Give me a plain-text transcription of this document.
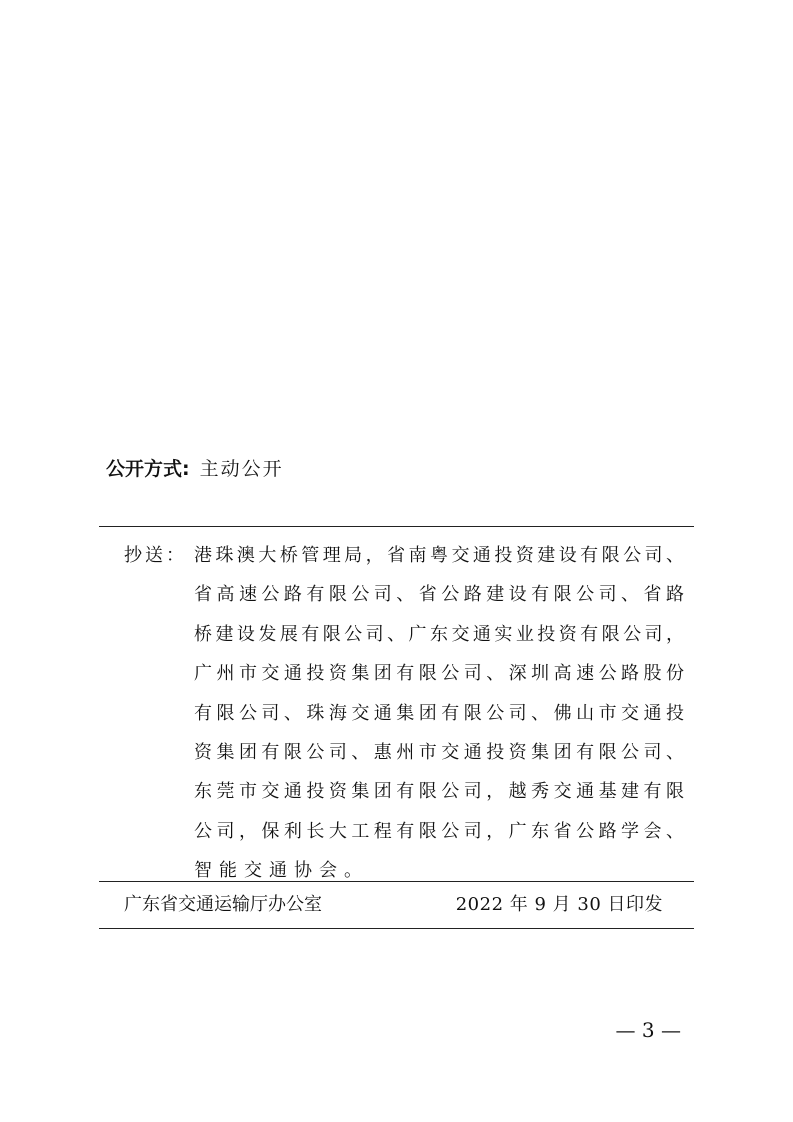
公开方式: 主动公开
抄送： 港珠澳大桥管理局，省南粤交通投资建设有限公司、
省高速公路有限公司、省公路建设有限公司、省路
桥建设发展有限公司、广东交通实业投资有限公司，
广州市交通投资集团有限公司、深圳高速公路股份
有限公司、珠海交通集团有限公司、佛山市交通投
资集团有限公司、惠州市交通投资集团有限公司、
东莞市交通投资集团有限公司，越秀交通基建有限
公司，保利长大工程有限公司，广东省公路学会、
智能交通协会。
广东省交通运输厅办公室	2022 年 9 月 30 日印发
— 3 —
